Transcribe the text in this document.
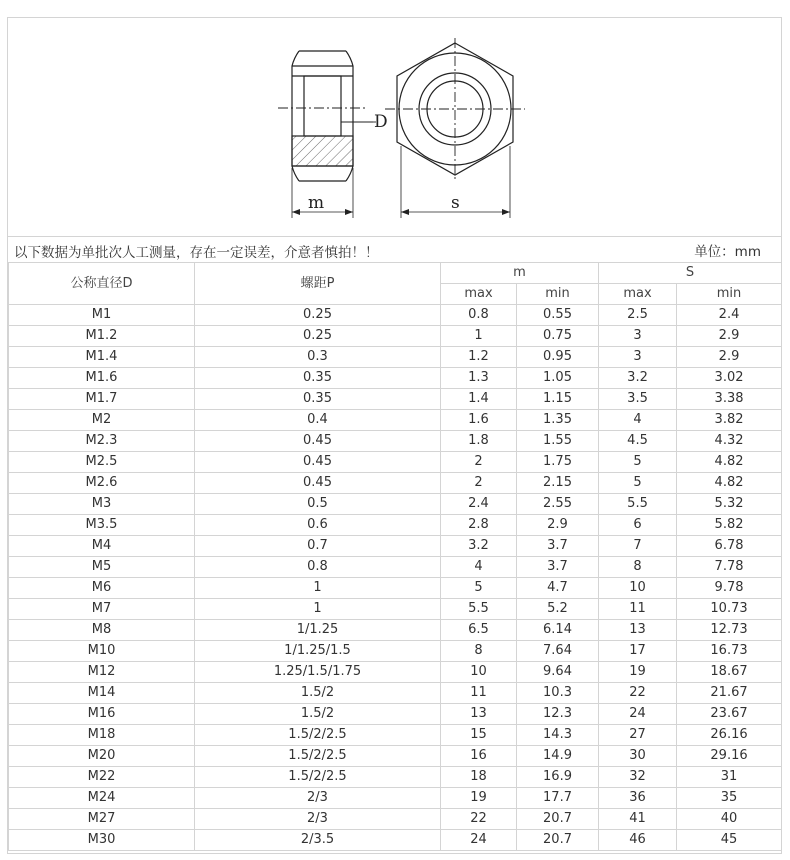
D
m	s
以下数据为单批次人工测量，存在一定误差，介意者慎拍！！	单位：mm
公称直径D	螺距P	m		S	
		max	min	max	min
M1	0.25	0.8	0.55	2.5	2.4
M1.2	0.25	1	0.75	3	2.9
M1.4	0.3	1.2	0.95	3	2.9
M1.6	0.35	1.3	1.05	3.2	3.02
M1.7	0.35	1.4	1.15	3.5	3.38
M2	0.4	1.6	1.35	4	3.82
M2.3	0.45	1.8	1.55	4.5	4.32
M2.5	0.45	2	1.75	5	4.82
M2.6	0.45	2	2.15	5	4.82
M3	0.5	2.4	2.55	5.5	5.32
M3.5	0.6	2.8	2.9	6	5.82
M4	0.7	3.2	3.7	7	6.78
M5	0.8	4	3.7	8	7.78
M6	1	5	4.7	10	9.78
M7	1	5.5	5.2	11	10.73
M8	1/1.25	6.5	6.14	13	12.73
M10	1/1.25/1.5	8	7.64	17	16.73
M12	1.25/1.5/1.75	10	9.64	19	18.67
M14	1.5/2	11	10.3	22	21.67
M16	1.5/2	13	12.3	24	23.67
M18	1.5/2/2.5	15	14.3	27	26.16
M20	1.5/2/2.5	16	14.9	30	29.16
M22	1.5/2/2.5	18	16.9	32	31
M24	2/3	19	17.7	36	35
M27	2/3	22	20.7	41	40
M30	2/3.5	24	20.7	46	45
